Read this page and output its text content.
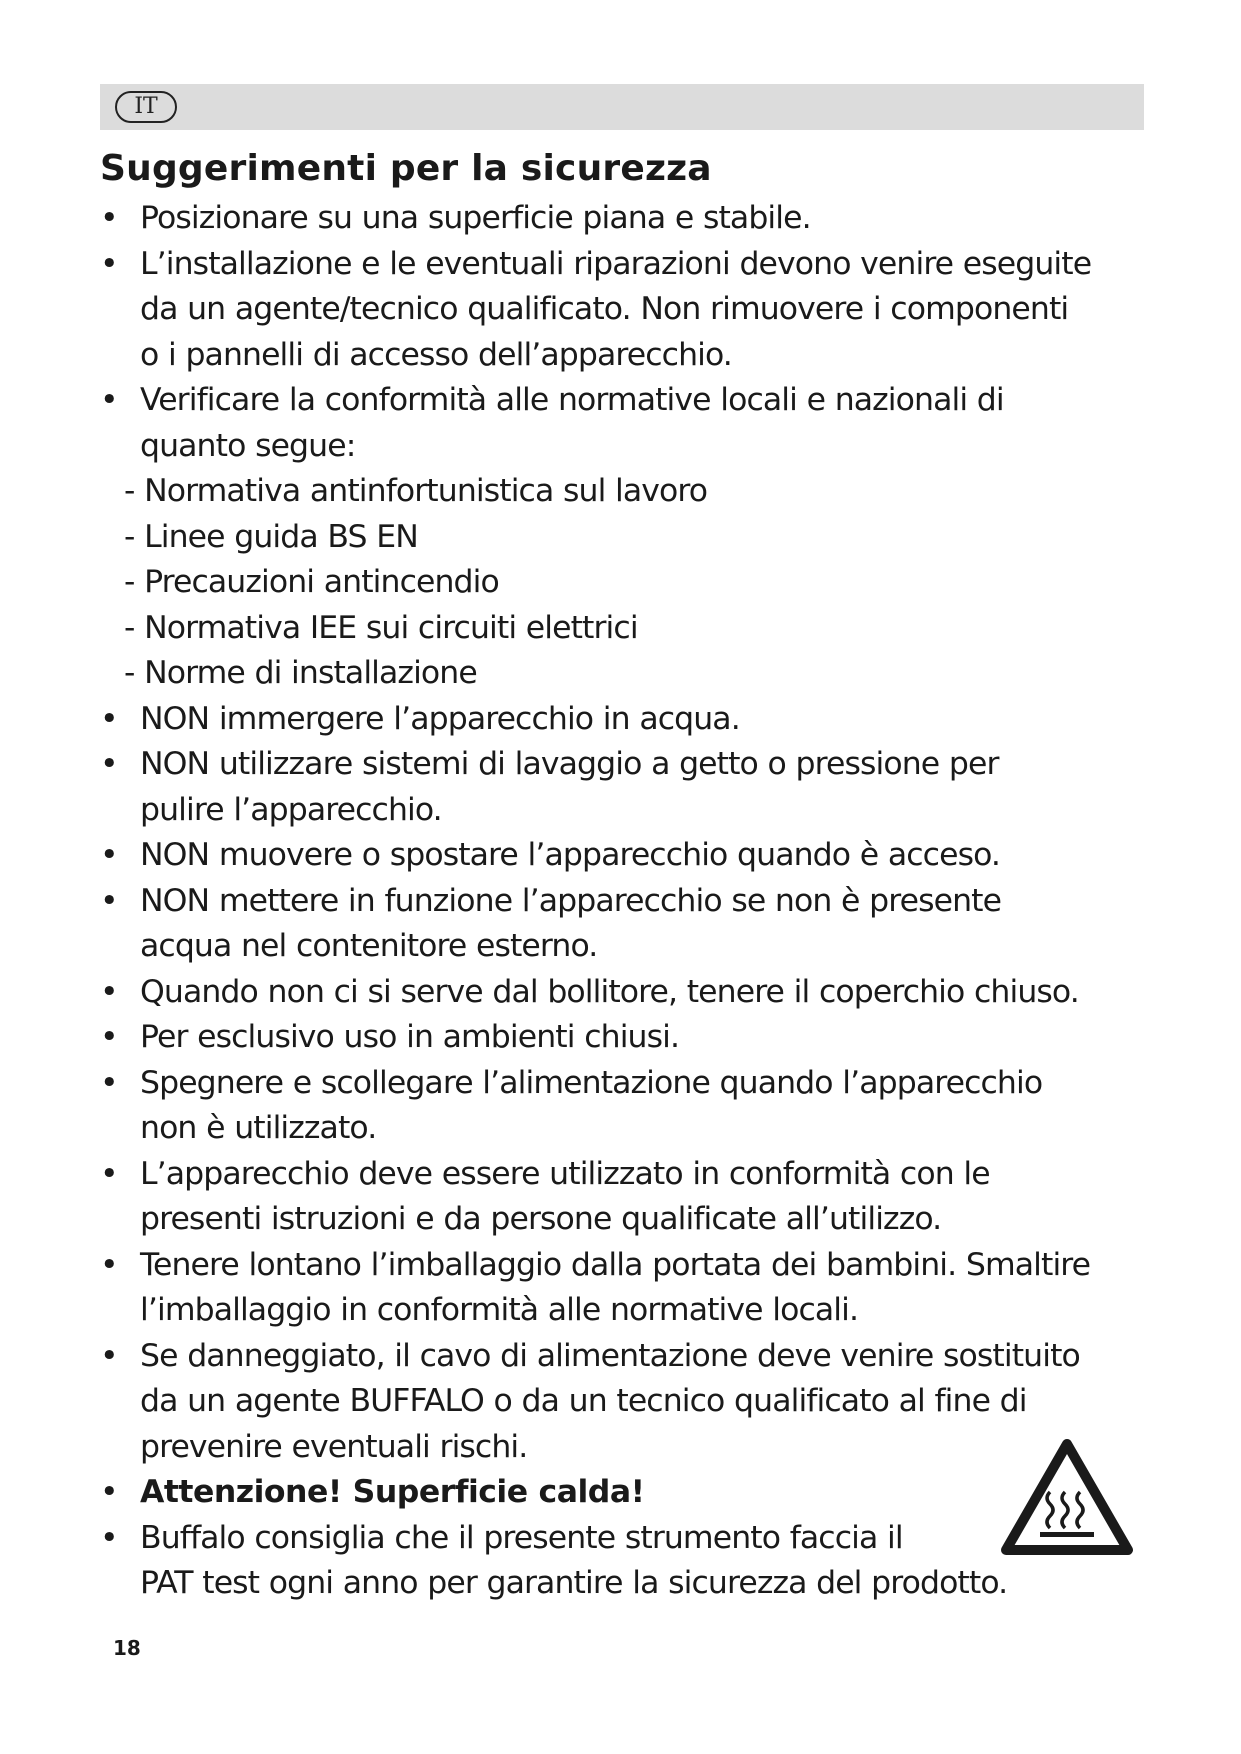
IT
Suggerimenti per la sicurezza
• Posizionare su una superficie piana e stabile.
• L’installazione e le eventuali riparazioni devono venire eseguite
da un agente/tecnico qualificato. Non rimuovere i componenti
o i pannelli di accesso dell’apparecchio.
• Verificare la conformità alle normative locali e nazionali di
quanto segue:
- Normativa antinfortunistica sul lavoro
- Linee guida BS EN
- Precauzioni antincendio
- Normativa IEE sui circuiti elettrici
- Norme di installazione
• NON immergere l’apparecchio in acqua.
• NON utilizzare sistemi di lavaggio a getto o pressione per
pulire l’apparecchio.
• NON muovere o spostare l’apparecchio quando è acceso.
• NON mettere in funzione l’apparecchio se non è presente
acqua nel contenitore esterno.
• Quando non ci si serve dal bollitore, tenere il coperchio chiuso.
• Per esclusivo uso in ambienti chiusi.
• Spegnere e scollegare l’alimentazione quando l’apparecchio
non è utilizzato.
• L’apparecchio deve essere utilizzato in conformità con le
presenti istruzioni e da persone qualificate all’utilizzo.
• Tenere lontano l’imballaggio dalla portata dei bambini. Smaltire
l’imballaggio in conformità alle normative locali.
• Se danneggiato, il cavo di alimentazione deve venire sostituito
da un agente BUFFALO o da un tecnico qualificato al fine di
prevenire eventuali rischi.
• Attenzione! Superficie calda!
• Buffalo consiglia che il presente strumento faccia il
PAT test ogni anno per garantire la sicurezza del prodotto.
18
